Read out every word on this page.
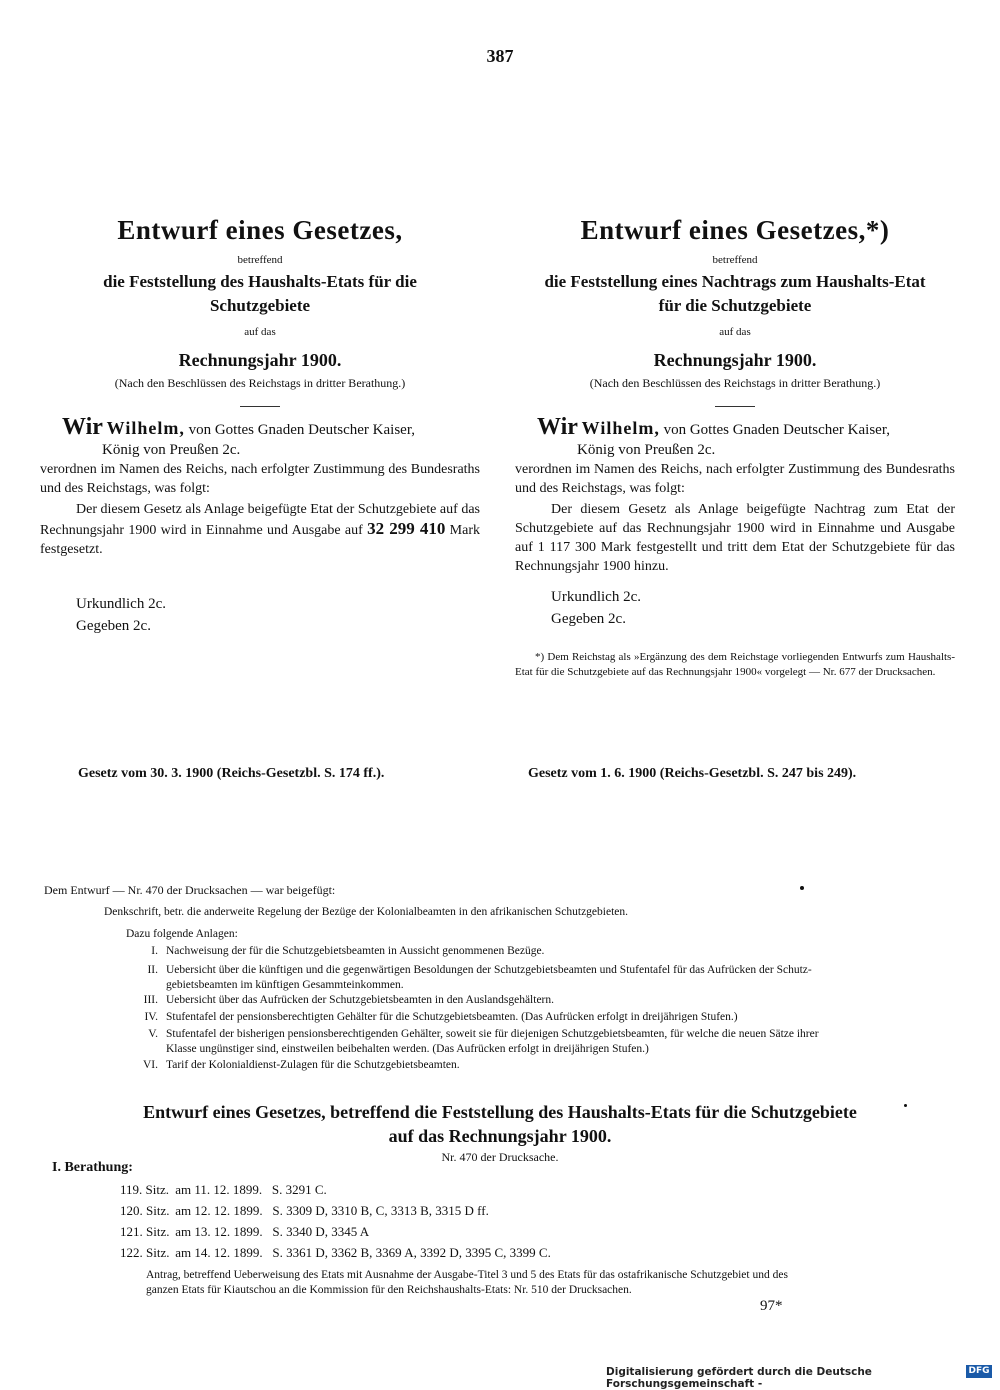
387

Entwurf eines Gesetzes,

betreffend

die Feststellung des Haushalts-Etats für die
Schutzgebiete

auf das

Rechnungsjahr 1900.

(Nach den Beschlüssen des Reichstags in dritter Berathung.)

Wir Wilhelm, von Gottes Gnaden Deutscher Kaiser,

König von Preußen 2c.

verordnen im Namen des Reichs, nach erfolgter Zustimmung des Bundesraths und des Reichstags, was folgt:

Der diesem Gesetz als Anlage beigefügte Etat der Schutzgebiete auf das Rechnungsjahr 1900 wird in Einnahme und Ausgabe auf 32 299 410 Mark festgesetzt.

Urkundlich 2c.

Gegeben 2c.

Gesetz vom 30. 3. 1900 (Reichs-Gesetzbl. S. 174 ff.).

Entwurf eines Gesetzes,*)

betreffend

die Feststellung eines Nachtrags zum Haushalts-Etat
für die Schutzgebiete

auf das

Rechnungsjahr 1900.

(Nach den Beschlüssen des Reichstags in dritter Berathung.)

Wir Wilhelm, von Gottes Gnaden Deutscher Kaiser,

König von Preußen 2c.

verordnen im Namen des Reichs, nach erfolgter Zustimmung des Bundesraths und des Reichstags, was folgt:

Der diesem Gesetz als Anlage beigefügte Nachtrag zum Etat der Schutzgebiete auf das Rechnungsjahr 1900 wird in Einnahme und Ausgabe auf 1 117 300 Mark festgestellt und tritt dem Etat der Schutzgebiete für das Rechnungsjahr 1900 hinzu.

Urkundlich 2c.

Gegeben 2c.

*) Dem Reichstag als »Ergänzung des dem Reichstage vorliegenden Entwurfs zum Haushalts-Etat für die Schutzgebiete auf das Rechnungsjahr 1900« vorgelegt — Nr. 677 der Drucksachen.

Gesetz vom 1. 6. 1900 (Reichs-Gesetzbl. S. 247 bis 249).
Dem Entwurf — Nr. 470 der Drucksachen — war beigefügt:
Denkschrift, betr. die anderweite Regelung der Bezüge der Kolonialbeamten in den afrikanischen Schutzgebieten.
Dazu folgende Anlagen:
I. Nachweisung der für die Schutzgebietsbeamten in Aussicht genommenen Bezüge.
II. Uebersicht über die künftigen und die gegenwärtigen Besoldungen der Schutzgebietsbeamten und Stufentafel für das Aufrücken der Schutz-
gebietsbeamten im künftigen Gesammteinkommen.
III. Uebersicht über das Aufrücken der Schutzgebietsbeamten in den Auslandsgehältern.
IV. Stufentafel der pensionsberechtigten Gehälter für die Schutzgebietsbeamten. (Das Aufrücken erfolgt in dreijährigen Stufen.)
V. Stufentafel der bisherigen pensionsberechtigenden Gehälter, soweit sie für diejenigen Schutzgebietsbeamten, für welche die neuen Sätze ihrer
Klasse ungünstiger sind, einstweilen beibehalten werden. (Das Aufrücken erfolgt in dreijährigen Stufen.)
VI. Tarif der Kolonialdienst-Zulagen für die Schutzgebietsbeamten.
Entwurf eines Gesetzes, betreffend die Feststellung des Haushalts-Etats für die Schutzgebiete
auf das Rechnungsjahr 1900.
Nr. 470 der Drucksache.
I. Berathung:
119. Sitz. am 11. 12. 1899. S. 3291 C.
120. Sitz. am 12. 12. 1899. S. 3309 D, 3310 B, C, 3313 B, 3315 D ff.
121. Sitz. am 13. 12. 1899. S. 3340 D, 3345 A
122. Sitz. am 14. 12. 1899. S. 3361 D, 3362 B, 3369 A, 3392 D, 3395 C, 3399 C.
Antrag, betreffend Ueberweisung des Etats mit Ausnahme der Ausgabe-Titel 3 und 5 des Etats für das ostafrikanische Schutzgebiet und des
ganzen Etats für Kiautschou an die Kommission für den Reichshaushalts-Etats: Nr. 510 der Drucksachen.
97*
Digitalisierung gefördert durch die Deutsche Forschungsgemeinschaft -
DFG
